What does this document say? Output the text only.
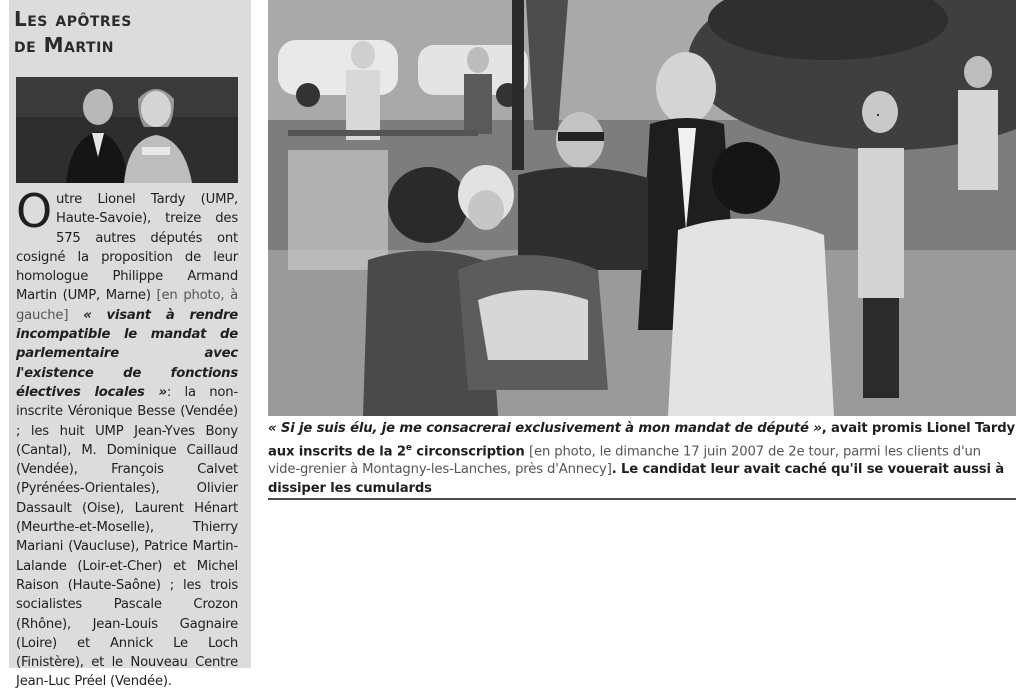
Les apôtres
de Martin

Outre Lionel Tardy (UMP, Haute-Savoie), treize des 575 autres députés ont cosigné la proposition de leur homologue Philippe Armand Martin (UMP, Marne) [en photo, à gauche] « visant à rendre incompatible le mandat de parlementaire avec l'existence de fonctions électives locales »: la non-inscrite Véronique Besse (Vendée) ; les huit UMP Jean-Yves Bony (Cantal), M. Dominique Caillaud (Vendée), François Calvet (Pyrénées-Orientales), Olivier Dassault (Oise), Laurent Hénart (Meurthe-et-Moselle), Thierry Mariani (Vaucluse), Patrice Martin-Lalande (Loir-et-Cher) et Michel Raison (Haute-Saône) ; les trois socialistes Pascale Crozon (Rhône), Jean-Louis Gagnaire (Loire) et Annick Le Loch (Finistère), et le Nouveau Centre Jean-Luc Préel (Vendée).

« Si je suis élu, je me consacrerai exclusivement à mon mandat de député », avait promis Lionel Tardy aux inscrits de la 2e circonscription [en photo, le dimanche 17 juin 2007 de 2e tour, parmi les clients d'un vide-grenier à Montagny-les-Lanches, près d'Annecy]. Le candidat leur avait caché qu'il se vouerait aussi à dissiper les cumulards
